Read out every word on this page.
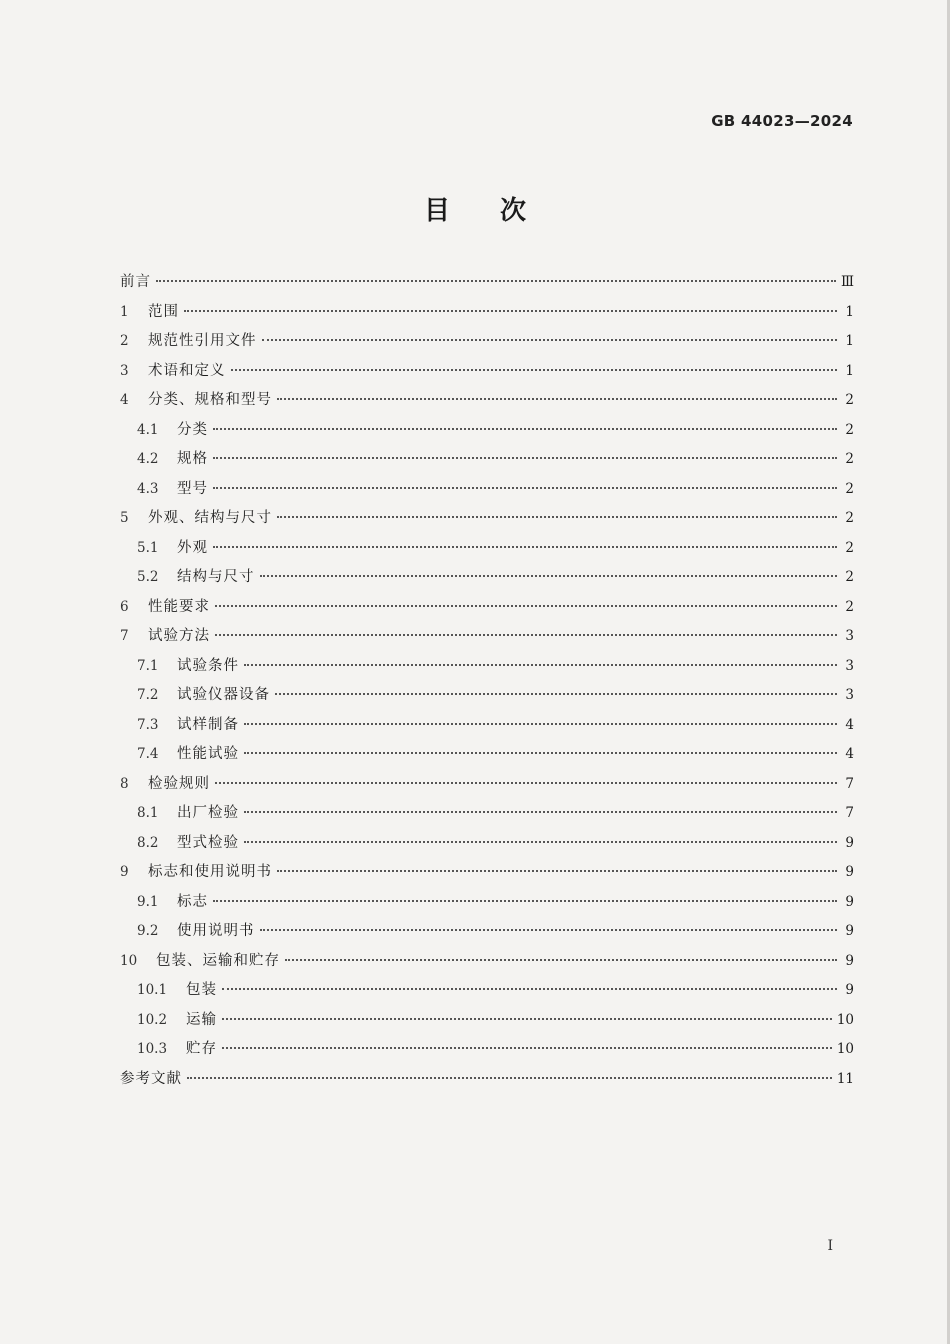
GB 44023—2024
目次
前言	Ⅲ
1	范围	1
2	规范性引用文件	1
3	术语和定义	1
4	分类、规格和型号	2
4.1	分类	2
4.2	规格	2
4.3	型号	2
5	外观、结构与尺寸	2
5.1	外观	2
5.2	结构与尺寸	2
6	性能要求	2
7	试验方法	3
7.1	试验条件	3
7.2	试验仪器设备	3
7.3	试样制备	4
7.4	性能试验	4
8	检验规则	7
8.1	出厂检验	7
8.2	型式检验	9
9	标志和使用说明书	9
9.1	标志	9
9.2	使用说明书	9
10	包装、运输和贮存	9
10.1	包装	9
10.2	运输	10
10.3	贮存	10
参考文献	11
Ⅰ
